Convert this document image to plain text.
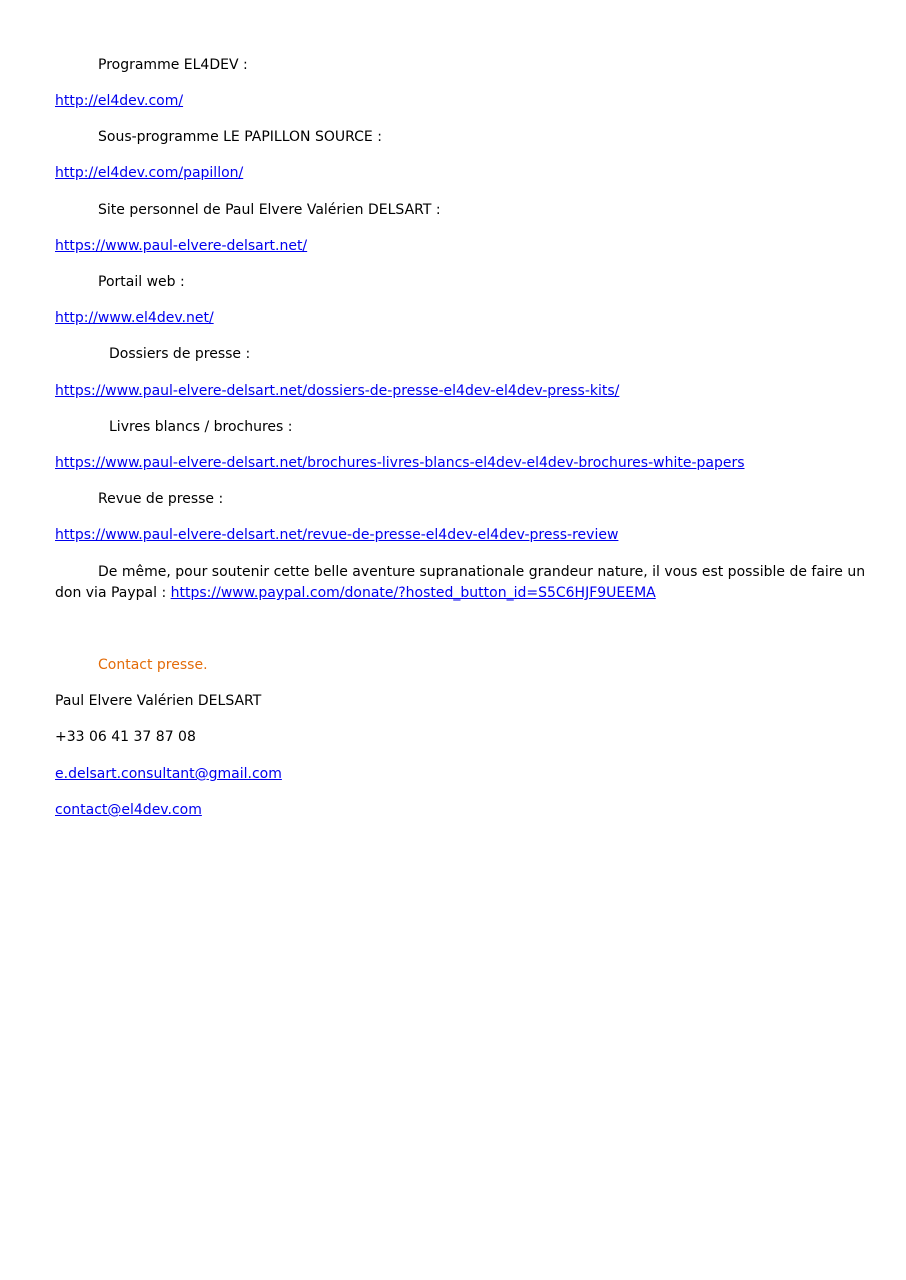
Programme EL4DEV :
http://el4dev.com/
Sous-programme LE PAPILLON SOURCE :
http://el4dev.com/papillon/
Site personnel de Paul Elvere Valérien DELSART :
https://www.paul-elvere-delsart.net/
Portail web :
http://www.el4dev.net/
Dossiers de presse :
https://www.paul-elvere-delsart.net/dossiers-de-presse-el4dev-el4dev-press-kits/
Livres blancs / brochures :
https://www.paul-elvere-delsart.net/brochures-livres-blancs-el4dev-el4dev-brochures-white-papers
Revue de presse :
https://www.paul-elvere-delsart.net/revue-de-presse-el4dev-el4dev-press-review
De même, pour soutenir cette belle aventure supranationale grandeur nature, il vous est possible de faire un
don via Paypal : https://www.paypal.com/donate/?hosted_button_id=S5C6HJF9UEEMA
Contact presse.
Paul Elvere Valérien DELSART
+33 06 41 37 87 08
e.delsart.consultant@gmail.com
contact@el4dev.com
